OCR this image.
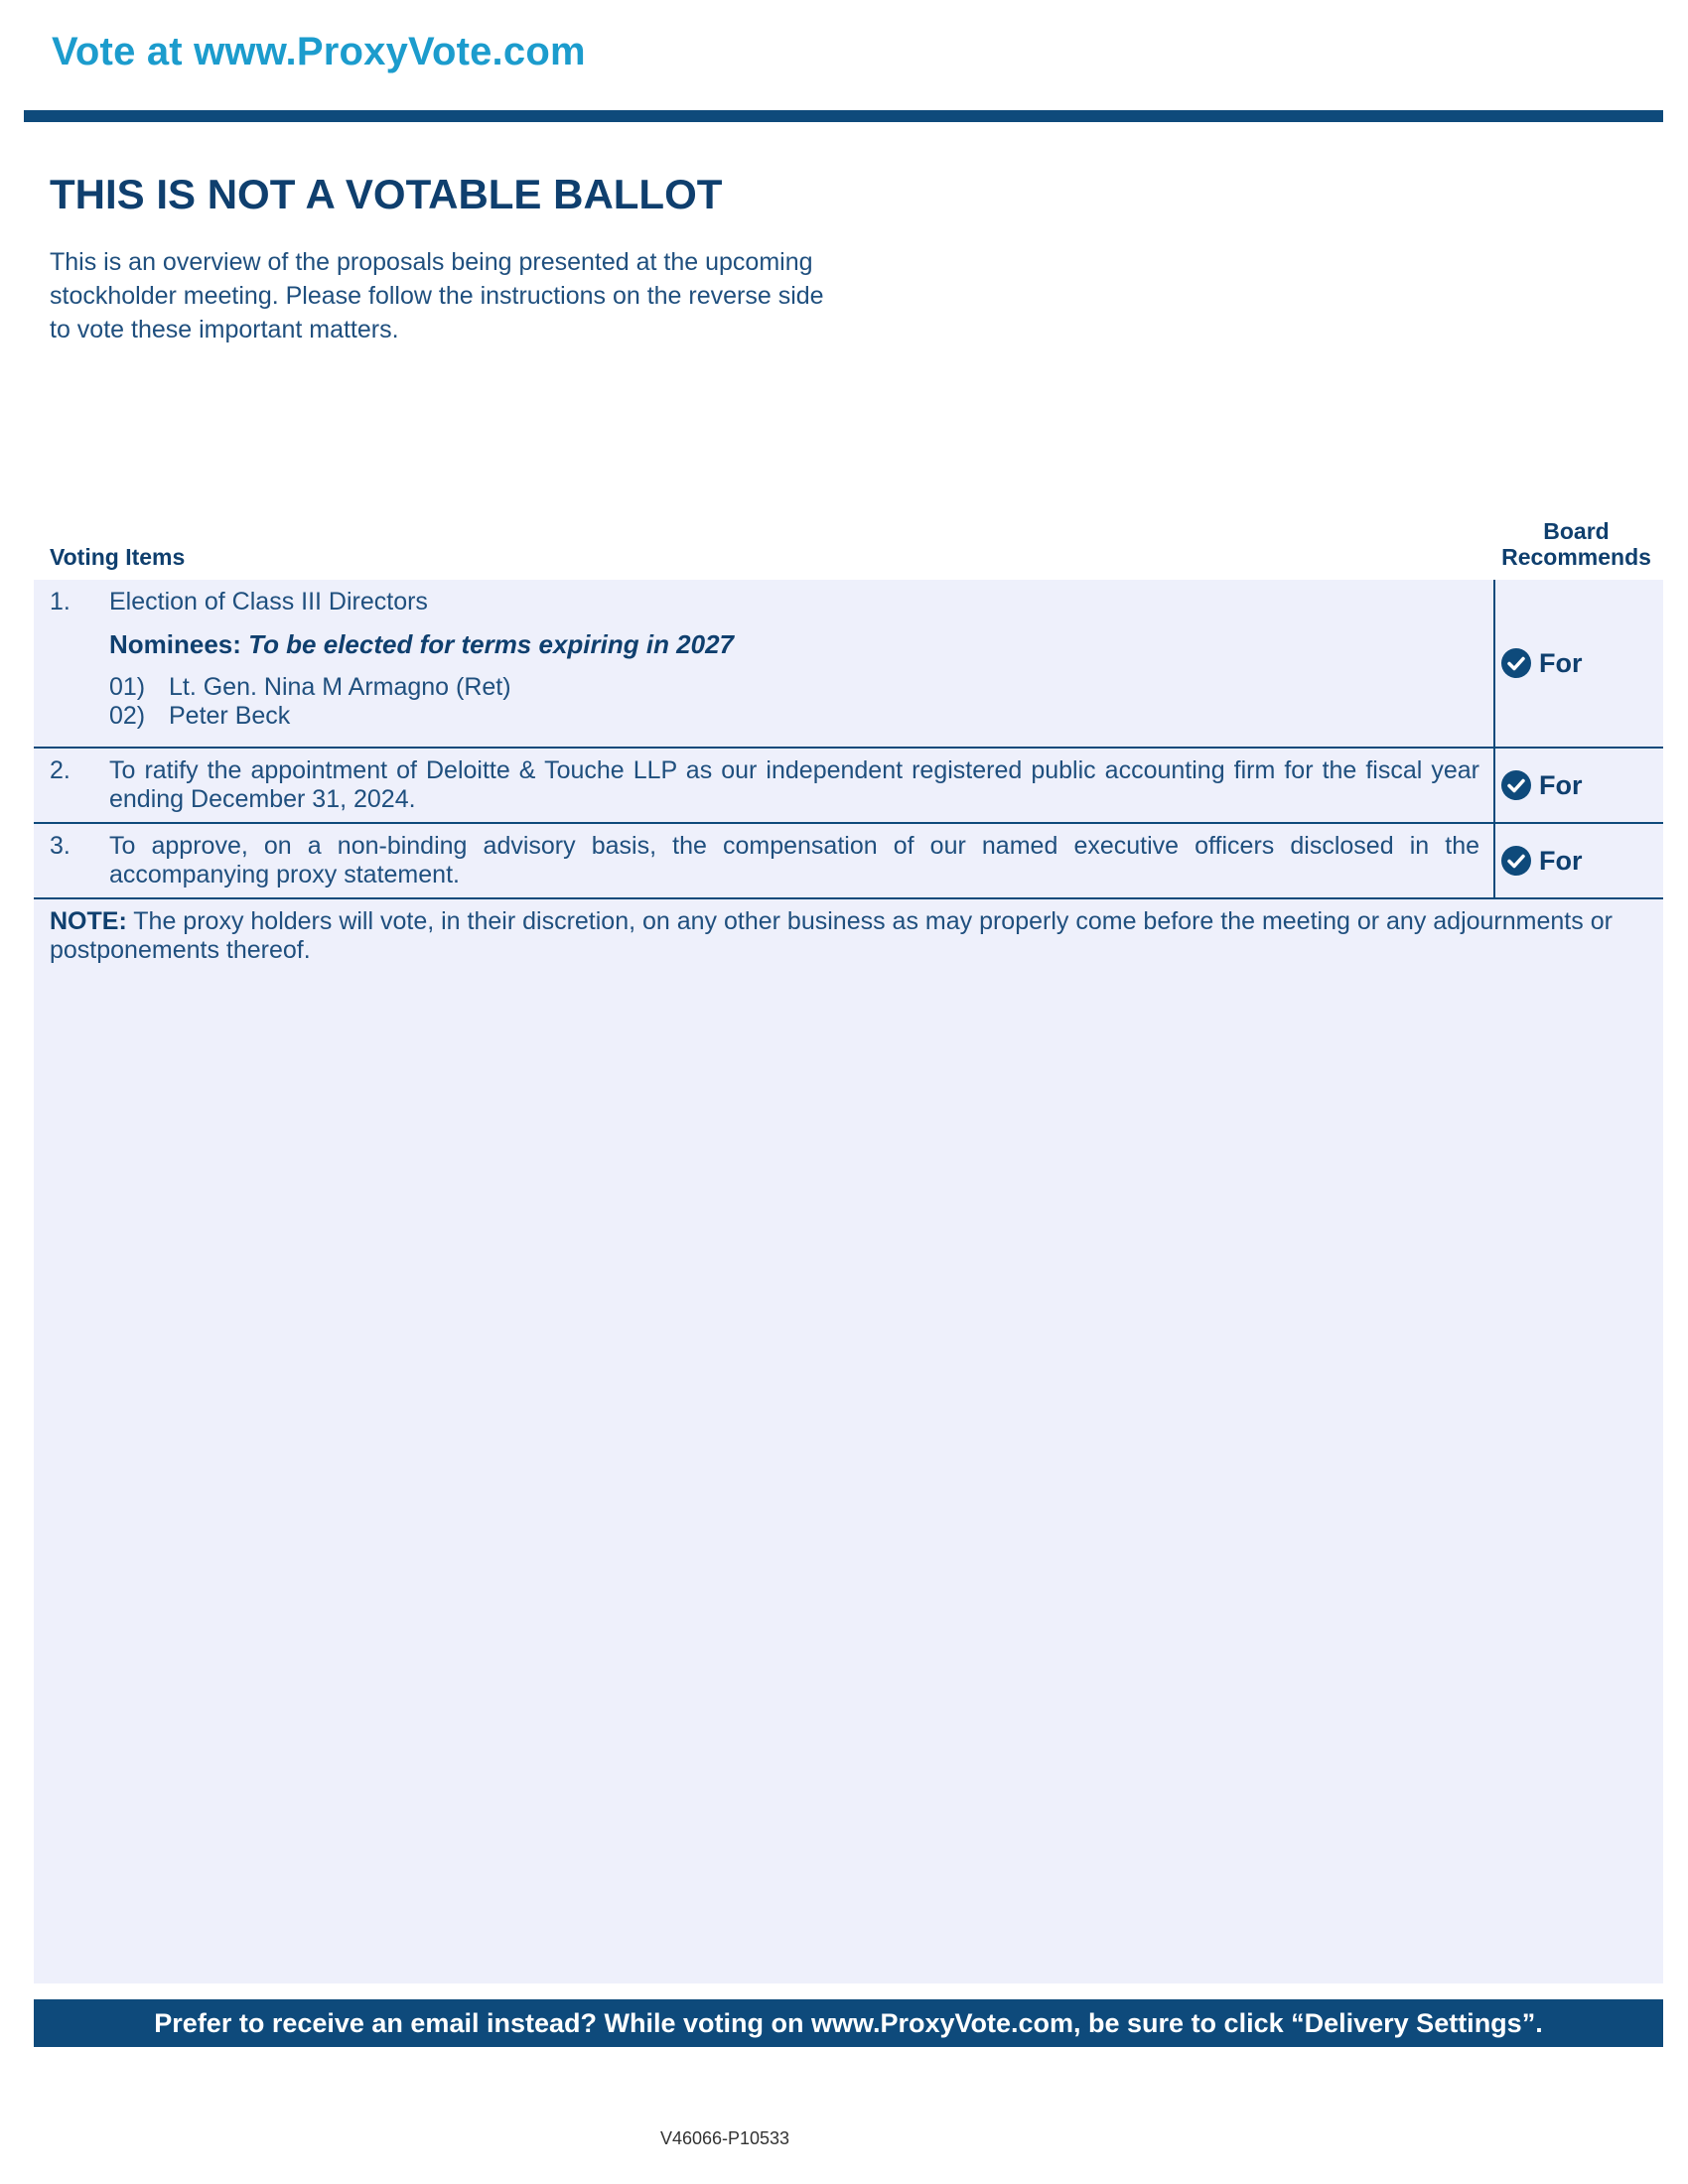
Vote at www.ProxyVote.com
THIS IS NOT A VOTABLE BALLOT
This is an overview of the proposals being presented at the upcoming stockholder meeting. Please follow the instructions on the reverse side to vote these important matters.
Voting Items
Board Recommends
1.	Election of Class III Directors
Nominees: To be elected for terms expiring in 2027
01) Lt. Gen. Nina M Armagno (Ret)
02) Peter Beck
For
2.	To ratify the appointment of Deloitte & Touche LLP as our independent registered public accounting firm for the fiscal year ending December 31, 2024.	For
3.	To approve, on a non-binding advisory basis, the compensation of our named executive officers disclosed in the accompanying proxy statement.	For
NOTE: The proxy holders will vote, in their discretion, on any other business as may properly come before the meeting or any adjournments or postponements thereof.
Prefer to receive an email instead? While voting on www.ProxyVote.com, be sure to click “Delivery Settings”.
V46066-P10533
